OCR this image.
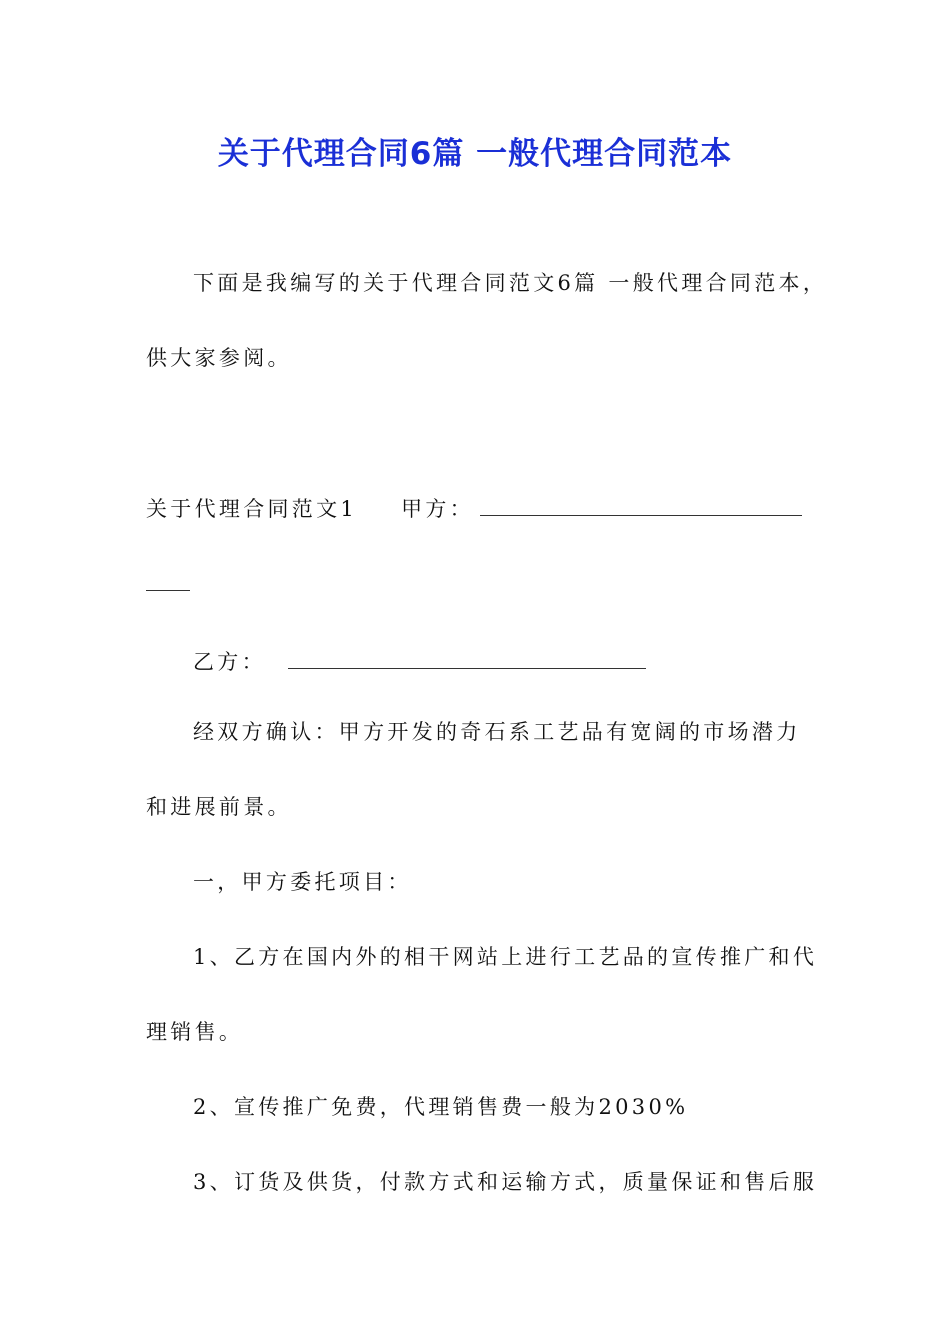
关于代理合同6篇 一般代理合同范本
下面是我编写的关于代理合同范文6篇 一般代理合同范本，
供大家参阅。
关于代理合同范文1 甲方：
乙方：
经双方确认：甲方开发的奇石系工艺品有宽阔的市场潜力
和进展前景。
一，甲方委托项目：
1、乙方在国内外的相干网站上进行工艺品的宣传推广和代
理销售。
2、宣传推广免费，代理销售费一般为2030%
3、订货及供货，付款方式和运输方式，质量保证和售后服
